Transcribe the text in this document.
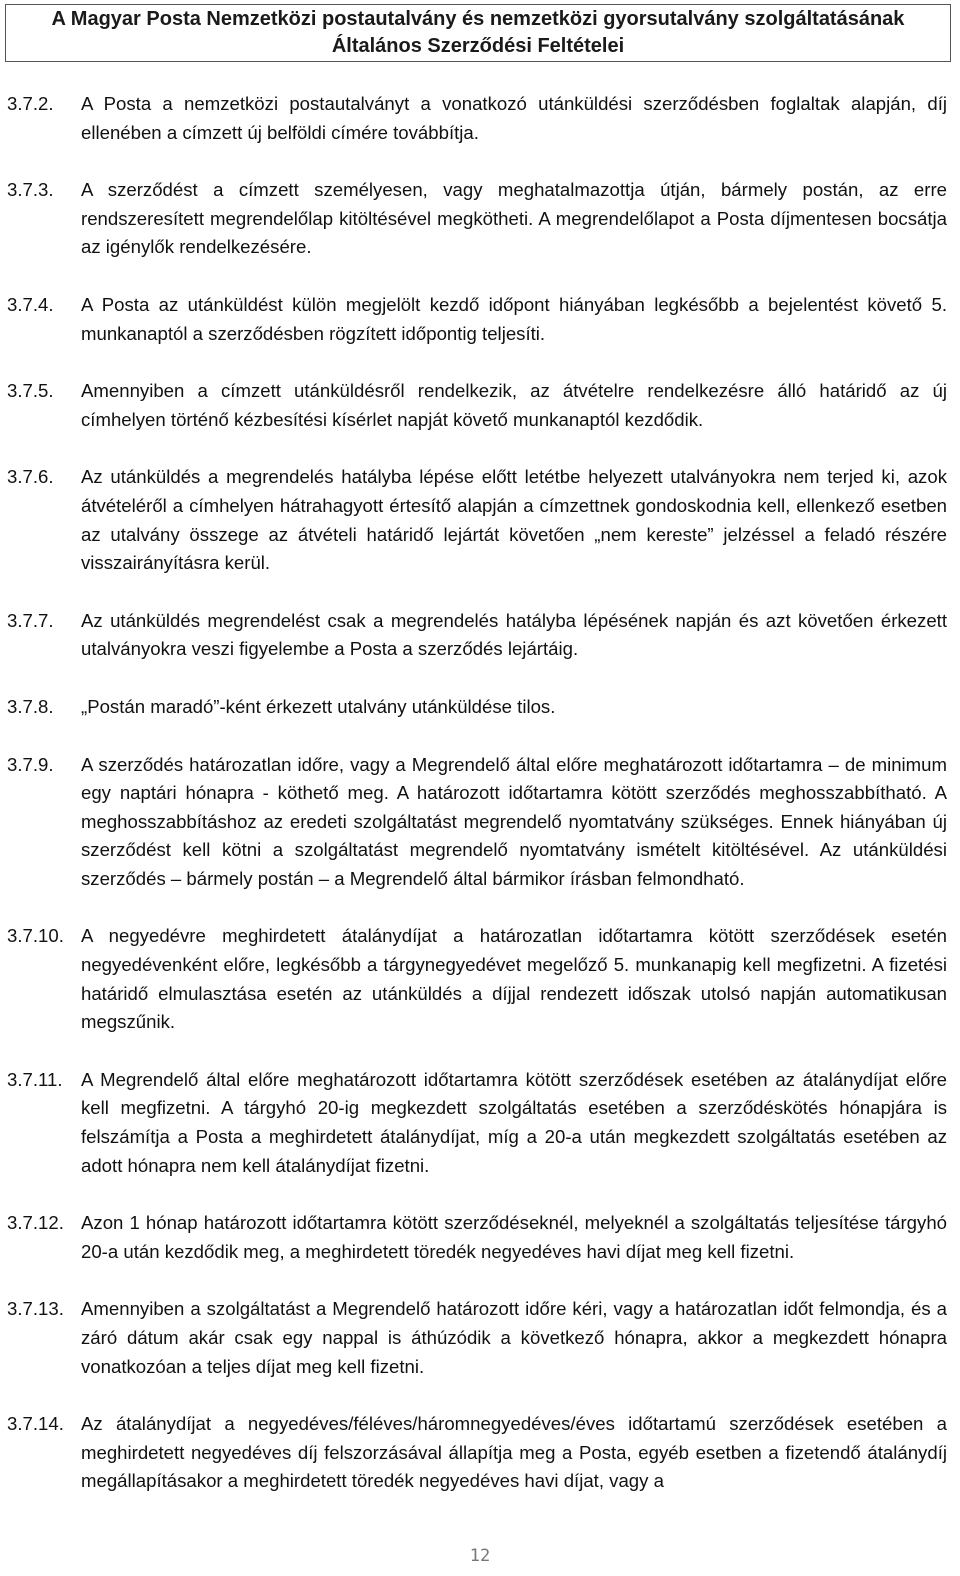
A Magyar Posta Nemzetközi postautalvány és nemzetközi gyorsutalvány szolgáltatásának
Általános Szerződési Feltételei
3.7.2.	A Posta a nemzetközi postautalványt a vonatkozó utánküldési szerződésben foglaltak alapján, díj ellenében a címzett új belföldi címére továbbítja.
3.7.3.	A szerződést a címzett személyesen, vagy meghatalmazottja útján, bármely postán, az erre rendszeresített megrendelőlap kitöltésével megkötheti. A megrendelőlapot a Posta díjmentesen bocsátja az igénylők rendelkezésére.
3.7.4.	A Posta az utánküldést külön megjelölt kezdő időpont hiányában legkésőbb a bejelentést követő 5. munkanaptól a szerződésben rögzített időpontig teljesíti.
3.7.5.	Amennyiben a címzett utánküldésről rendelkezik, az átvételre rendelkezésre álló határidő az új címhelyen történő kézbesítési kísérlet napját követő munkanaptól kezdődik.
3.7.6.	Az utánküldés a megrendelés hatályba lépése előtt letétbe helyezett utalványokra nem terjed ki, azok átvételéről a címhelyen hátrahagyott értesítő alapján a címzettnek gondoskodnia kell, ellenkező esetben az utalvány összege az átvételi határidő lejártát követően „nem kereste” jelzéssel a feladó részére visszairányításra kerül.
3.7.7.	Az utánküldés megrendelést csak a megrendelés hatályba lépésének napján és azt követően érkezett utalványokra veszi figyelembe a Posta a szerződés lejártáig.
3.7.8.	„Postán maradó”-ként érkezett utalvány utánküldése tilos.
3.7.9.	A szerződés határozatlan időre, vagy a Megrendelő által előre meghatározott időtartamra – de minimum egy naptári hónapra - köthető meg. A határozott időtartamra kötött szerződés meghosszabbítható. A meghosszabbításhoz az eredeti szolgáltatást megrendelő nyomtatvány szükséges. Ennek hiányában új szerződést kell kötni a szolgáltatást megrendelő nyomtatvány ismételt kitöltésével. Az utánküldési szerződés – bármely postán – a Megrendelő által bármikor írásban felmondható.
3.7.10. A negyedévre meghirdetett átalánydíjat a határozatlan időtartamra kötött szerződések esetén negyedévenként előre, legkésőbb a tárgynegyedévet megelőző 5. munkanapig kell megfizetni. A fizetési határidő elmulasztása esetén az utánküldés a díjjal rendezett időszak utolsó napján automatikusan megszűnik.
3.7.11. A Megrendelő által előre meghatározott időtartamra kötött szerződések esetében az átalánydíjat előre kell megfizetni. A tárgyhó 20-ig megkezdett szolgáltatás esetében a szerződéskötés hónapjára is felszámítja a Posta a meghirdetett átalánydíjat, míg a 20-a után megkezdett szolgáltatás esetében az adott hónapra nem kell átalánydíjat fizetni.
3.7.12. Azon 1 hónap határozott időtartamra kötött szerződéseknél, melyeknél a szolgáltatás teljesítése tárgyhó 20-a után kezdődik meg, a meghirdetett töredék negyedéves havi díjat meg kell fizetni.
3.7.13. Amennyiben a szolgáltatást a Megrendelő határozott időre kéri, vagy a határozatlan időt felmondja, és a záró dátum akár csak egy nappal is áthúzódik a következő hónapra, akkor a megkezdett hónapra vonatkozóan a teljes díjat meg kell fizetni.
3.7.14. Az átalánydíjat a negyedéves/féléves/háromnegyedéves/éves időtartamú szerződések esetében a meghirdetett negyedéves díj felszorzásával állapítja meg a Posta, egyéb esetben a fizetendő átalánydíj megállapításakor a meghirdetett töredék negyedéves havi díjat, vagy a
12
